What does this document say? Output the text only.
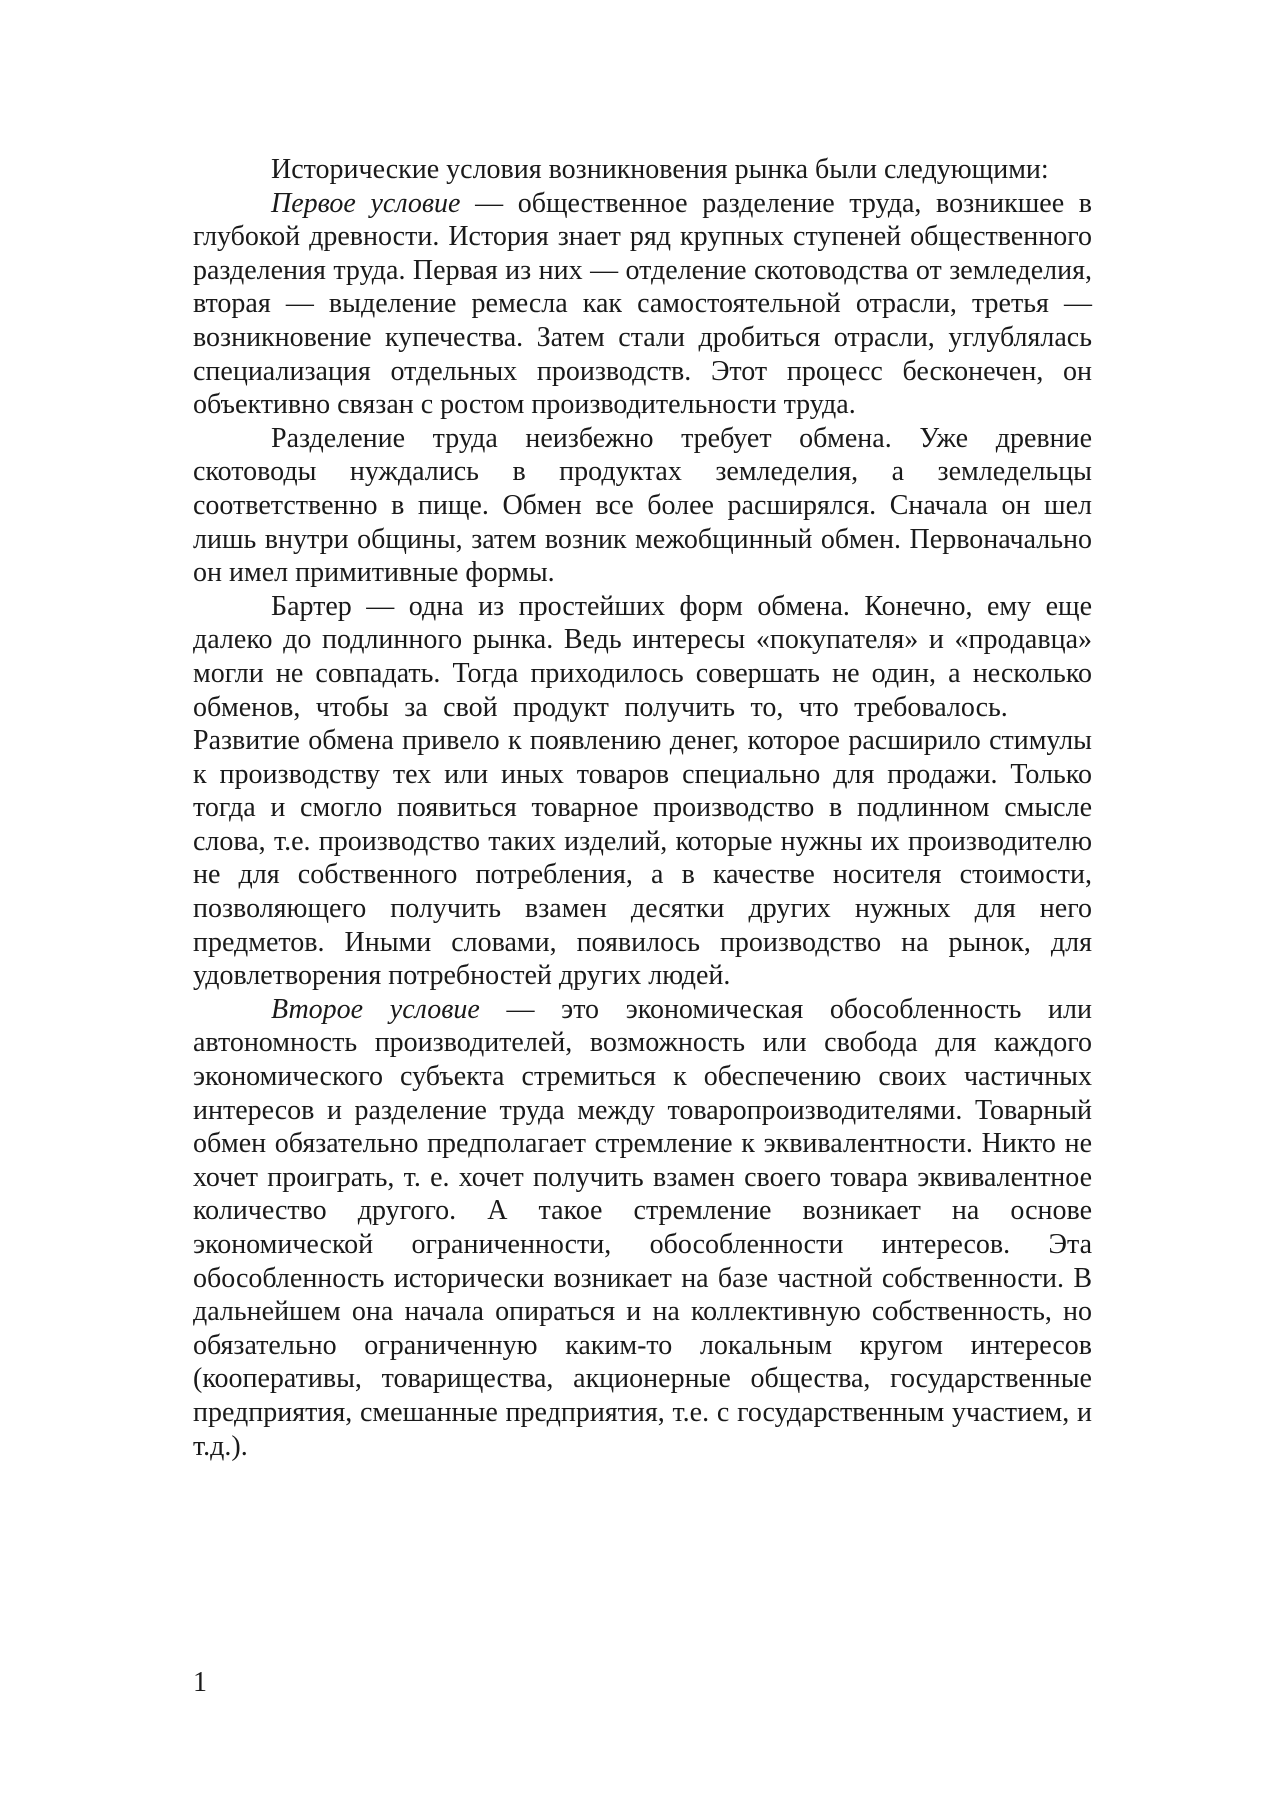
Исторические условия возникновения рынка были следующими:

Первое условие — общественное разделение труда, возникшее в глубокой древности. История знает ряд крупных ступеней общественного разделения труда. Первая из них — отделение скотоводства от земледелия, вторая — выделение ремесла как самостоятельной отрасли, третья — возникновение купечества. Затем стали дробиться отрасли, углублялась специализация отдельных производств. Этот процесс бесконечен, он объективно связан с ростом производительности труда.

Разделение труда неизбежно требует обмена. Уже древние скотоводы нуждались в продуктах земледелия, а земледельцы соответственно в пище. Обмен все более расширялся. Сначала он шел лишь внутри общины, затем возник межобщинный обмен. Первоначально он имел примитивные формы.

Бартер — одна из простейших форм обмена. Конечно, ему еще далеко до подлинного рынка. Ведь интересы «покупателя» и «продавца» могли не совпадать. Тогда приходилось совершать не один, а несколько обменов, чтобы за свой продукт получить то, что требовалось.       Развитие обмена привело к появлению денег, которое расширило стимулы к производству тех или иных товаров специально для продажи. Только тогда и смогло появиться товарное производство в подлинном смысле слова, т.е. производство таких изделий, которые нужны их производителю не для собственного потребления, а в качестве носителя стоимости, позволяющего получить взамен десятки других нужных для него предметов. Иными словами, появилось производство на рынок, для удовлетворения потребностей других людей.

Второе условие — это экономическая обособленность или автономность производителей, возможность или свобода для каждого экономического субъекта стремиться к обеспечению своих частичных интересов и разделение труда между товаропроизводителями. Товарный обмен обязательно предполагает стремление к эквивалентности. Никто не хочет проиграть, т. е. хочет получить взамен своего товара эквивалентное количество другого. А такое стремление возникает на основе экономической ограниченности, обособленности интересов. Эта обособленность исторически возникает на базе частной собственности. В дальнейшем она начала опираться и на коллективную собственность, но обязательно ограниченную каким-то локальным кругом интересов (кооперативы, товарищества, акционерные общества, государственные предприятия, смешанные предприятия, т.е. с государственным участием, и т.д.).

1
